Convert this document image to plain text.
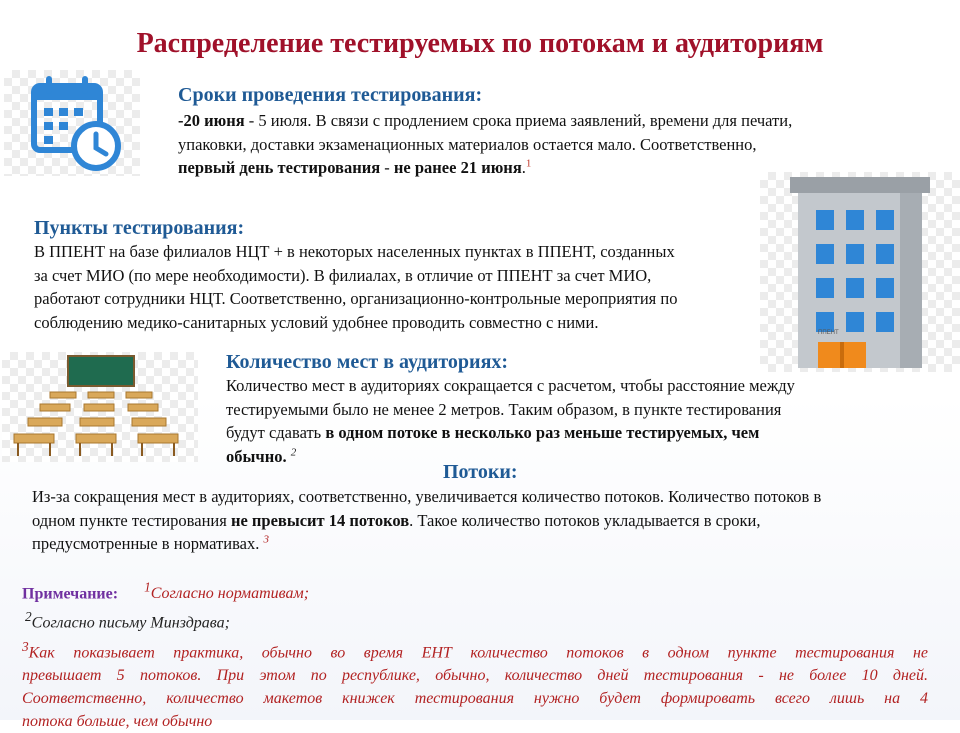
Распределение тестируемых по потокам и аудиториям
Сроки проведения тестирования:
-20 июня - 5 июля. В связи с продлением срока приема заявлений, времени для печати,
упаковки, доставки экзаменационных материалов остается мало. Соответственно,
первый день тестирования - не ранее 21 июня.$^1$
ППЕНТ
Пункты тестирования:
В ППЕНТ на базе филиалов НЦТ + в некоторых населенных пунктах в ППЕНТ, созданных
за счет МИО (по мере необходимости). В филиалах, в отличие от ППЕНТ за счет МИО,
работают сотрудники НЦТ. Соответственно, организационно-контрольные мероприятия по
соблюдению медико-санитарных условий удобнее проводить совместно с ними.
Количество мест в аудиториях:
Количество мест в аудиториях сокращается с расчетом, чтобы расстояние между
тестируемыми было не менее 2 метров. Таким образом, в пункте тестирования
будут сдавать в одном потоке в несколько раз меньше тестируемых, чем
обычно. $^2$
Потоки:
Из-за сокращения мест в аудиториях, соответственно, увеличивается количество потоков. Количество потоков в
одном пункте тестирования не превысит 14 потоков. Такое количество потоков укладывается в сроки,
предусмотренные в нормативах. $^3$
Примечание: $^1$Согласно нормативам;
$^2$Согласно письму Минздрава;
$^3$Как показывает практика, обычно во время ЕНТ количество потоков в одном пункте тестирования не
превышает 5 потоков. При этом по республике, обычно, количество дней тестирования - не более 10 дней.
Соответственно, количество макетов книжек тестирования нужно будет формировать всего лишь на 4
потока больше, чем обычно
